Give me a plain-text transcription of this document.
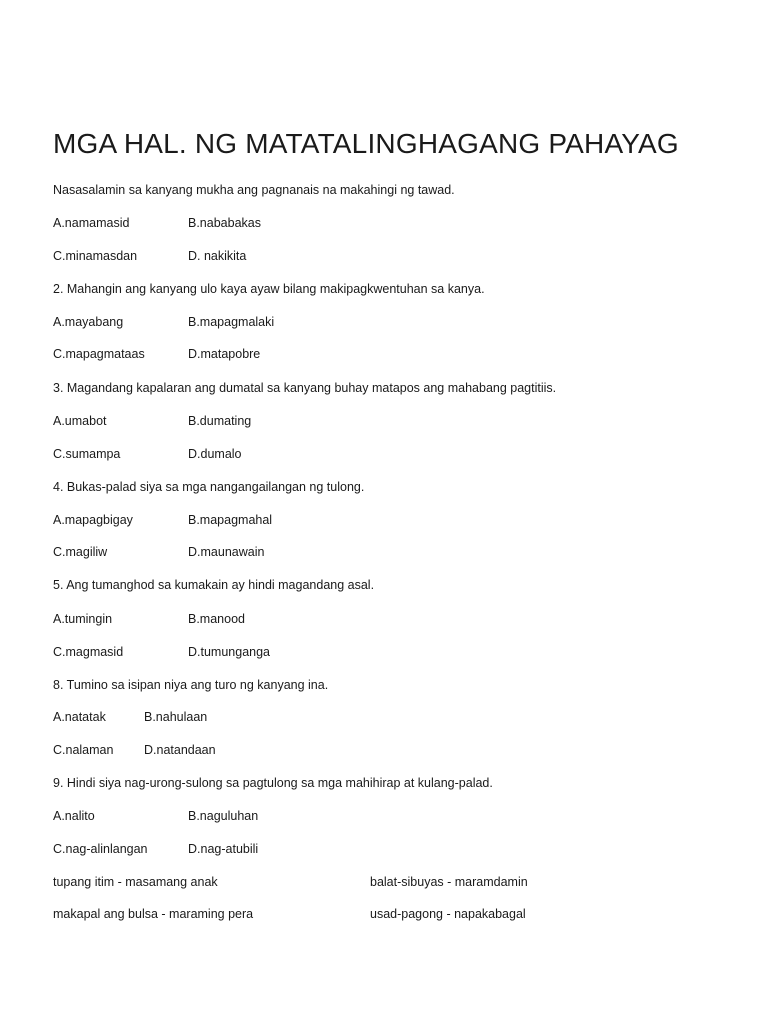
MGA HAL. NG MATATALINGHAGANG PAHAYAG
Nasasalamin sa kanyang mukha ang pagnanais na makahingi ng tawad.
A.namamasid	B.nababakas
C.minamasdan	D. nakikita
2. Mahangin ang kanyang ulo kaya ayaw bilang makipagkwentuhan sa kanya.
A.mayabang	B.mapagmalaki
C.mapagmataas	D.matapobre
3. Magandang kapalaran ang dumatal sa kanyang buhay matapos ang mahabang pagtitiis.
A.umabot	B.dumating
C.sumampa	D.dumalo
4. Bukas-palad siya sa mga nangangailangan ng tulong.
A.mapagbigay	B.mapagmahal
C.magiliw	D.maunawain
5. Ang tumanghod sa kumakain ay hindi magandang asal.
A.tumingin	B.manood
C.magmasid	D.tumunganga
8. Tumino sa isipan niya ang turo ng kanyang ina.
A.natatak	B.nahulaan
C.nalaman D.natandaan
9. Hindi siya nag-urong-sulong sa pagtulong sa mga mahihirap at kulang-palad.
A.nalito	B.naguluhan
C.nag-alinlangan	D.nag-atubili
tupang itim - masamang anak	balat-sibuyas - maramdamin
makapal ang bulsa - maraming pera	usad-pagong - napakabagal
